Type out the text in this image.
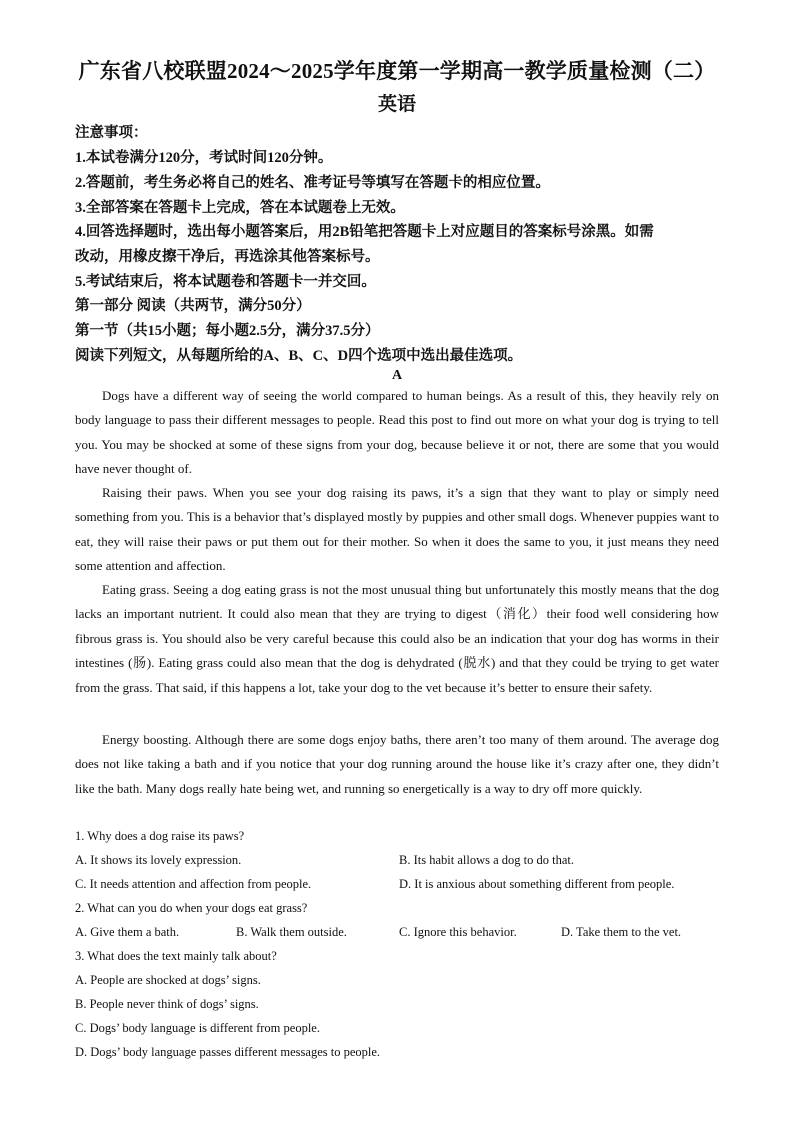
广东省八校联盟2024～2025学年度第一学期高一教学质量检测（二）
英语
注意事项：
1.本试卷满分120分，考试时间120分钟。
2.答题前，考生务必将自己的姓名、准考证号等填写在答题卡的相应位置。
3.全部答案在答题卡上完成，答在本试题卷上无效。
4.回答选择题时，选出每小题答案后，用2B铅笔把答题卡上对应题目的答案标号涂黑。如需
改动，用橡皮擦干净后，再选涂其他答案标号。
5.考试结束后，将本试题卷和答题卡一并交回。
第一部分 阅读（共两节，满分50分）
第一节（共15小题；每小题2.5分，满分37.5分）
阅读下列短文，从每题所给的A、B、C、D四个选项中选出最佳选项。
A
Dogs have a different way of seeing the world compared to human beings. As a result of this, they heavily rely on body language to pass their different messages to people. Read this post to find out more on what your dog is trying to tell you. You may be shocked at some of these signs from your dog, because believe it or not, there are some that you would have never thought of.
Raising their paws. When you see your dog raising its paws, it’s a sign that they want to play or simply need something from you. This is a behavior that’s displayed mostly by puppies and other small dogs. Whenever puppies want to eat, they will raise their paws or put them out for their mother. So when it does the same to you, it just means they need some attention and affection.
Eating grass. Seeing a dog eating grass is not the most unusual thing but unfortunately this mostly means that the dog lacks an important nutrient. It could also mean that they are trying to digest（消化）their food well considering how fibrous grass is. You should also be very careful because this could also be an indication that your dog has worms in their intestines (肠). Eating grass could also mean that the dog is dehydrated (脱水) and that they could be trying to get water from the grass. That said, if this happens a lot, take your dog to the vet because it’s better to ensure their safety.
Energy boosting. Although there are some dogs enjoy baths, there aren’t too many of them around. The average dog does not like taking a bath and if you notice that your dog running around the house like it’s crazy after one, they didn’t like the bath. Many dogs really hate being wet, and running so energetically is a way to dry off more quickly.
1. Why does a dog raise its paws?
A. It shows its lovely expression.	B. Its habit allows a dog to do that.
C. It needs attention and affection from people.	D. It is anxious about something different from people.
2. What can you do when your dogs eat grass?
A. Give them a bath.	B. Walk them outside.	C. Ignore this behavior.	D. Take them to the vet.
3. What does the text mainly talk about?
A. People are shocked at dogs’ signs.
B. People never think of dogs’ signs.
C. Dogs’ body language is different from people.
D. Dogs’ body language passes different messages to people.
